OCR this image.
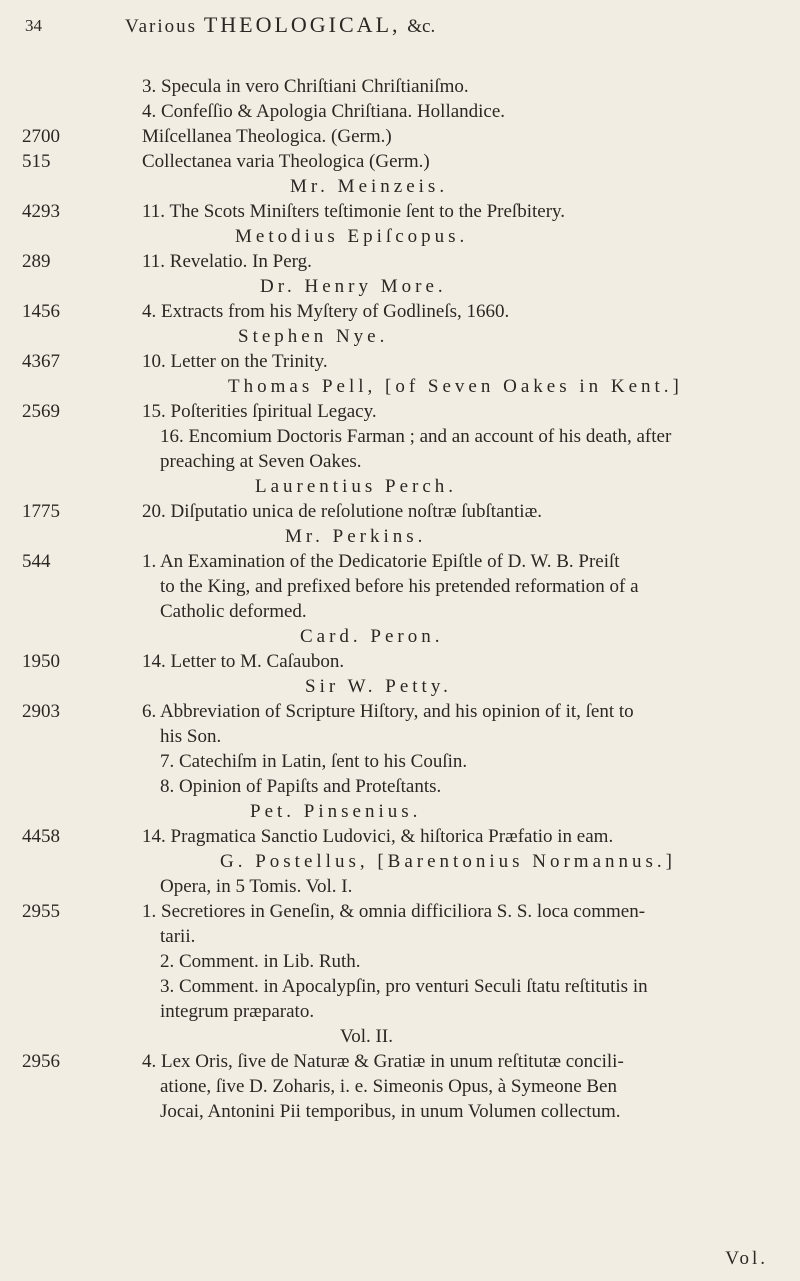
34	Various THEOLOGICAL, &c.
3. Specula in vero Chriſtiani Chriſtianiſmo.
4. Confeſſio & Apologia Chriſtiana. Hollandice.
2700	Miſcellanea Theologica. (Germ.)
515	Collectanea varia Theologica (Germ.)
Mr. Meinzeis.
4293	11. The Scots Miniſters teſtimonie ſent to the Preſbitery.
Metodius Epiſcopus.
289	11. Revelatio. In Perg.
Dr. Henry More.
1456	4. Extracts from his Myſtery of Godlineſs, 1660.
Stephen Nye.
4367	10. Letter on the Trinity.
Thomas Pell, [of Seven Oakes in Kent.]
2569	15. Poſterities ſpiritual Legacy.
16. Encomium Doctoris Farman ; and an account of his death, after
preaching at Seven Oakes.
Laurentius Perch.
1775	20. Diſputatio unica de reſolutione noſtræ ſubſtantiæ.
Mr. Perkins.
544	1. An Examination of the Dedicatorie Epiſtle of D. W. B. Preiſt
to the King, and prefixed before his pretended reformation of a
Catholic deformed.
Card. Peron.
1950	14. Letter to M. Caſaubon.
Sir W. Petty.
2903	6. Abbreviation of Scripture Hiſtory, and his opinion of it, ſent to
his Son.
7. Catechiſm in Latin, ſent to his Couſin.
8. Opinion of Papiſts and Proteſtants.
Pet. Pinsenius.
4458	14. Pragmatica Sanctio Ludovici, & hiſtorica Præfatio in eam.
G. Postellus, [Barentonius Normannus.]
Opera, in 5 Tomis. Vol. I.
2955	1. Secretiores in Geneſin, & omnia difficiliora S. S. loca commen-
tarii.
2. Comment. in Lib. Ruth.
3. Comment. in Apocalypſin, pro venturi Seculi ſtatu reſtitutis in
integrum præparato.
Vol. II.
2956	4. Lex Oris, ſive de Naturæ & Gratiæ in unum reſtitutæ concili-
atione, ſive D. Zoharis, i. e. Simeonis Opus, à Symeone Ben
Jocai, Antonini Pii temporibus, in unum Volumen collectum.
Vol.
